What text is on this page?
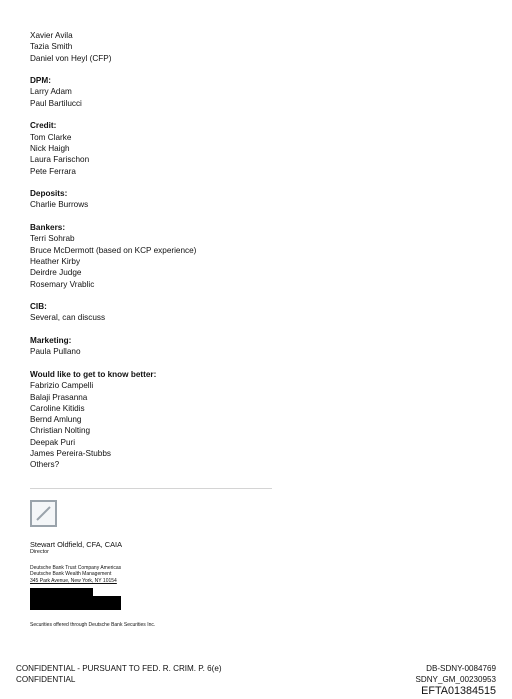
Xavier Avila
Tazia Smith
Daniel von Heyl (CFP)
DPM:
Larry Adam
Paul Bartilucci
Credit:
Tom Clarke
Nick Haigh
Laura Farischon
Pete Ferrara
Deposits:
Charlie Burrows
Bankers:
Terri Sohrab
Bruce McDermott (based on KCP experience)
Heather Kirby
Deirdre Judge
Rosemary Vrablic
CIB:
Several, can discuss
Marketing:
Paula Pullano
Would like to get to know better:
Fabrizio Campelli
Balaji Prasanna
Caroline Kitidis
Bernd Amlung
Christian Nolting
Deepak Puri
James Pereira-Stubbs
Others?
Stewart Oldfield, CFA, CAIA
Director
Deutsche Bank Trust Company Americas
Deutsche Bank Wealth Management
345 Park Avenue, New York, NY 10154
Securities offered through Deutsche Bank Securities Inc.
CONFIDENTIAL - PURSUANT TO FED. R. CRIM. P. 6(e)
CONFIDENTIAL
DB-SDNY-0084769
SDNY_GM_00230953
EFTA01384515
